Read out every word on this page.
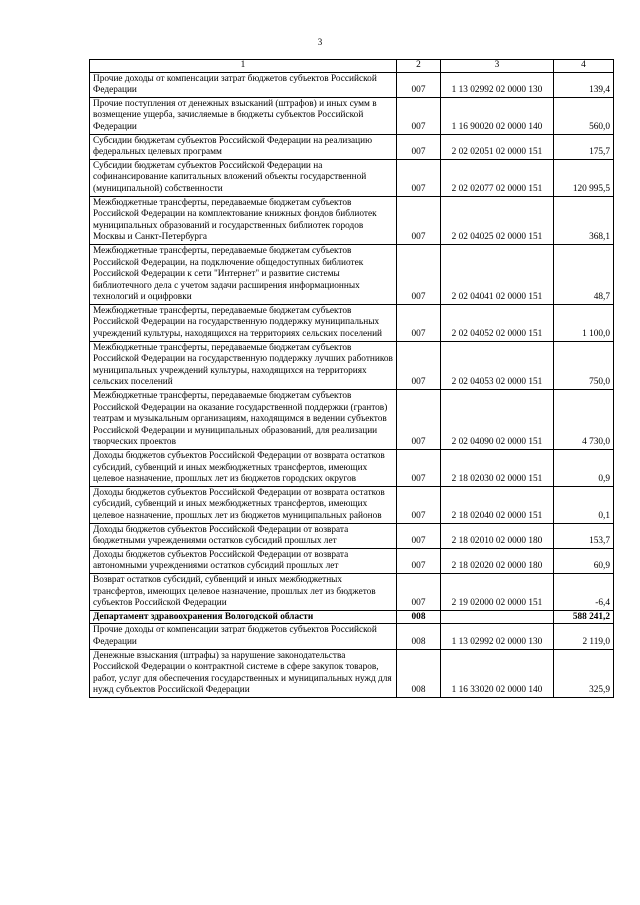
3
1	2	3	4
Прочие доходы от компенсации затрат бюджетов субъектов Российской Федерации	007	1 13 02992 02 0000 130	139,4
Прочие поступления от денежных взысканий (штрафов) и иных сумм в возмещение ущерба, зачисляемые в бюджеты субъектов Российской Федерации	007	1 16 90020 02 0000 140	560,0
Субсидии бюджетам субъектов Российской Федерации на реализацию федеральных целевых программ	007	2 02 02051 02 0000 151	175,7
Субсидии бюджетам субъектов Российской Федерации на софинансирование капитальных вложений объекты государственной (муниципальной) собственности	007	2 02 02077 02 0000 151	120 995,5
Межбюджетные трансферты, передаваемые бюджетам субъектов Российской Федерации на комплектование книжных фондов библиотек муниципальных образований и государственных библиотек городов Москвы и Санкт-Петербурга	007	2 02 04025 02 0000 151	368,1
Межбюджетные трансферты, передаваемые бюджетам субъектов Российской Федерации, на подключение общедоступных библиотек Российской Федерации к сети "Интернет" и развитие системы библиотечного дела с учетом задачи расширения информационных технологий и оцифровки	007	2 02 04041 02 0000 151	48,7
Межбюджетные трансферты, передаваемые бюджетам субъектов Российской Федерации на государственную поддержку муниципальных учреждений культуры, находящихся на территориях сельских поселений	007	2 02 04052 02 0000 151	1 100,0
Межбюджетные трансферты, передаваемые бюджетам субъектов Российской Федерации на государственную поддержку лучших работников муниципальных учреждений культуры, находящихся на территориях сельских поселений	007	2 02 04053 02 0000 151	750,0
Межбюджетные трансферты, передаваемые бюджетам субъектов Российской Федерации на оказание государственной поддержки (грантов) театрам и музыкальным организациям, находящимся в ведении субъектов Российской Федерации и муниципальных образований, для реализации творческих проектов	007	2 02 04090 02 0000 151	4 730,0
Доходы бюджетов субъектов Российской Федерации от возврата остатков субсидий, субвенций и иных межбюджетных трансфертов, имеющих целевое назначение, прошлых лет из бюджетов городских округов	007	2 18 02030 02 0000 151	0,9
Доходы бюджетов субъектов Российской Федерации от возврата остатков субсидий, субвенций и иных межбюджетных трансфертов, имеющих целевое назначение, прошлых лет из бюджетов муниципальных районов	007	2 18 02040 02 0000 151	0,1
Доходы бюджетов субъектов Российской Федерации от возврата бюджетными учреждениями остатков субсидий прошлых лет	007	2 18 02010 02 0000 180	153,7
Доходы бюджетов субъектов Российской Федерации от возврата автономными учреждениями остатков субсидий прошлых лет	007	2 18 02020 02 0000 180	60,9
Возврат остатков субсидий, субвенций и иных межбюджетных трансфертов, имеющих целевое назначение, прошлых лет из бюджетов субъектов Российской Федерации	007	2 19 02000 02 0000 151	-6,4
Департамент здравоохранения Вологодской области	008		588 241,2
Прочие доходы от компенсации затрат бюджетов субъектов Российской Федерации	008	1 13 02992 02 0000 130	2 119,0
Денежные взыскания (штрафы) за нарушение законодательства Российской Федерации о контрактной системе в сфере закупок товаров, работ, услуг для обеспечения государственных и муниципальных нужд для нужд субъектов Российской Федерации	008	1 16 33020 02 0000 140	325,9
